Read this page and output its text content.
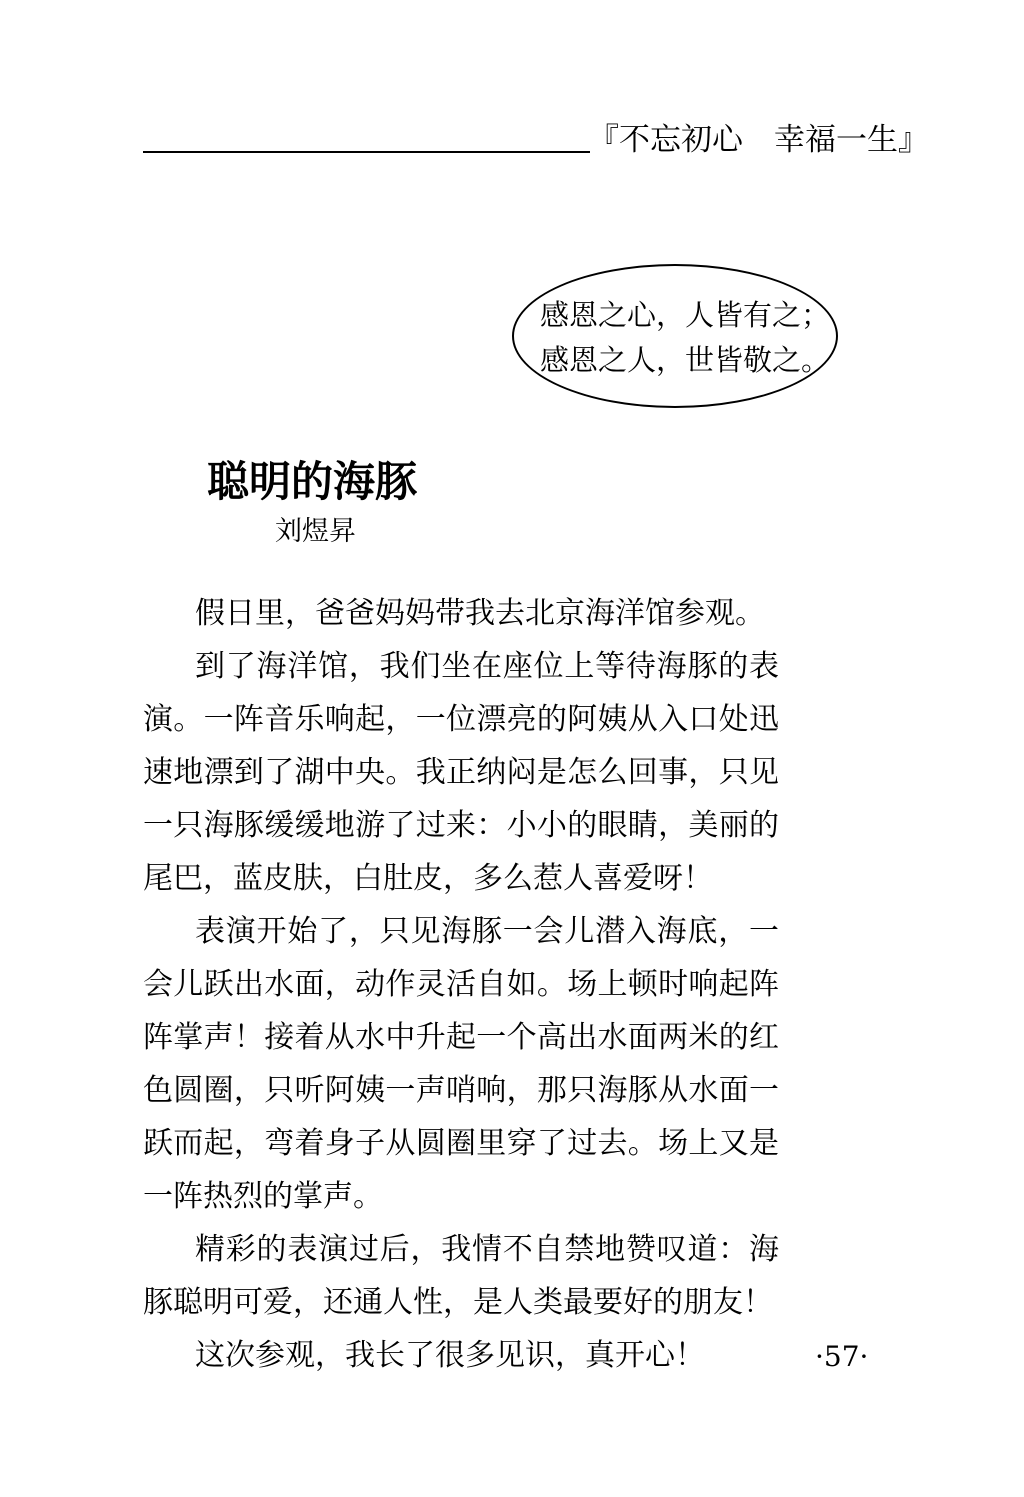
『不忘初心　幸福一生』
感恩之心，人皆有之；
感恩之人，世皆敬之。
聪明的海豚
刘煜昇

假日里，爸爸妈妈带我去北京海洋馆参观。

到了海洋馆，我们坐在座位上等待海豚的表演。一阵音乐响起，一位漂亮的阿姨从入口处迅速地漂到了湖中央。我正纳闷是怎么回事，只见一只海豚缓缓地游了过来：小小的眼睛，美丽的尾巴，蓝皮肤，白肚皮，多么惹人喜爱呀！

表演开始了，只见海豚一会儿潜入海底，一会儿跃出水面，动作灵活自如。场上顿时响起阵阵掌声！接着从水中升起一个高出水面两米的红色圆圈，只听阿姨一声哨响，那只海豚从水面一跃而起，弯着身子从圆圈里穿了过去。场上又是一阵热烈的掌声。

精彩的表演过后，我情不自禁地赞叹道：海豚聪明可爱，还通人性，是人类最要好的朋友！

这次参观，我长了很多见识，真开心！	·57·
